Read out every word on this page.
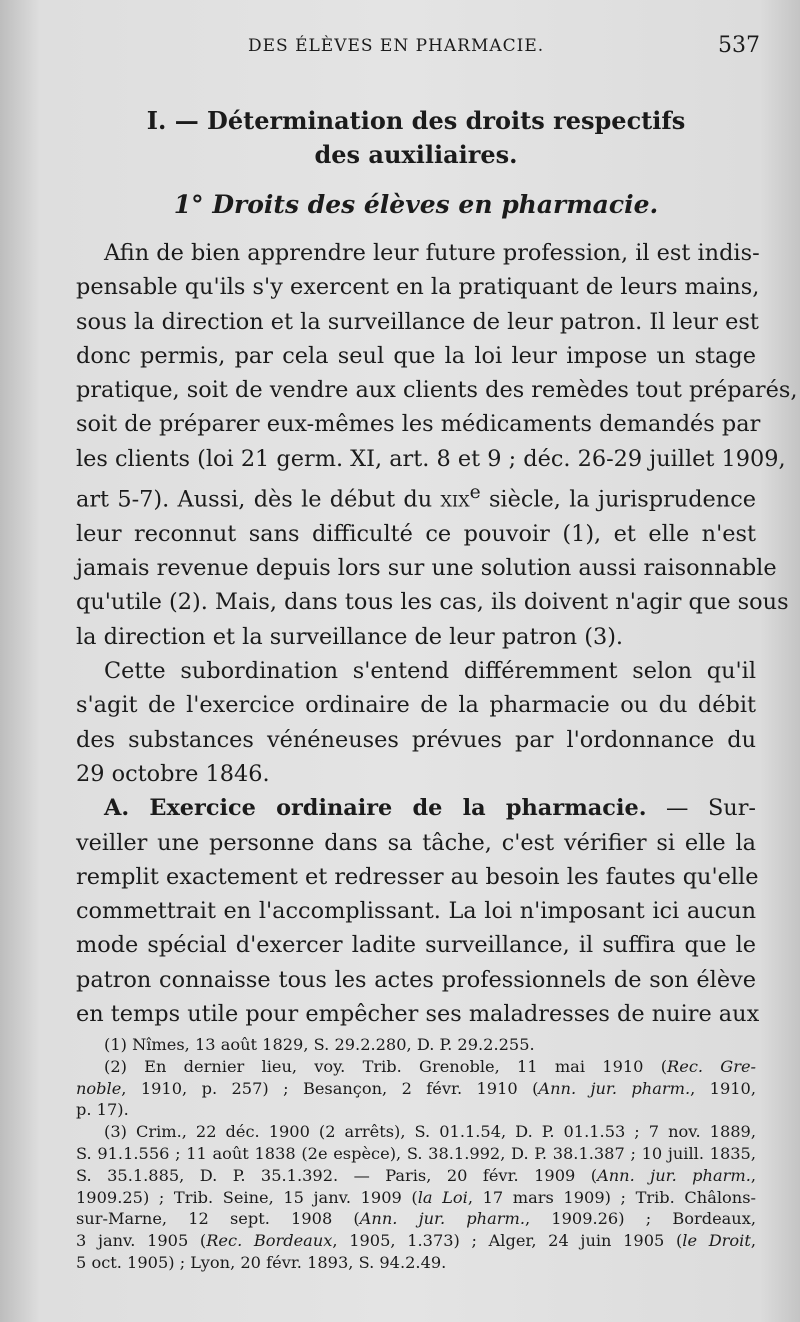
DES ÉLÈVES EN PHARMACIE.	537
I. — Détermination des droits respectifs
des auxiliaires.
1° Droits des élèves en pharmacie.
Afin de bien apprendre leur future profession, il est indis-
pensable qu'ils s'y exercent en la pratiquant de leurs mains,
sous la direction et la surveillance de leur patron. Il leur est
donc permis, par cela seul que la loi leur impose un stage
pratique, soit de vendre aux clients des remèdes tout préparés,
soit de préparer eux-mêmes les médicaments demandés par
les clients (loi 21 germ. XI, art. 8 et 9 ; déc. 26-29 juillet 1909,
art 5-7). Aussi, dès le début du xix$^e$ siècle, la jurisprudence
leur reconnut sans difficulté ce pouvoir (1), et elle n'est
jamais revenue depuis lors sur une solution aussi raisonnable
qu'utile (2). Mais, dans tous les cas, ils doivent n'agir que sous
la direction et la surveillance de leur patron (3).
Cette subordination s'entend différemment selon qu'il
s'agit de l'exercice ordinaire de la pharmacie ou du débit
des substances vénéneuses prévues par l'ordonnance du
29 octobre 1846.
A. Exercice ordinaire de la pharmacie. — Sur-
veiller une personne dans sa tâche, c'est vérifier si elle la
remplit exactement et redresser au besoin les fautes qu'elle
commettrait en l'accomplissant. La loi n'imposant ici aucun
mode spécial d'exercer ladite surveillance, il suffira que le
patron connaisse tous les actes professionnels de son élève
en temps utile pour empêcher ses maladresses de nuire aux
(1) Nîmes, 13 août 1829, S. 29.2.280, D. P. 29.2.255.
(2) En dernier lieu, voy. Trib. Grenoble, 11 mai 1910 (Rec. Gre-
noble, 1910, p. 257) ; Besançon, 2 févr. 1910 (Ann. jur. pharm., 1910,
p. 17).
(3) Crim., 22 déc. 1900 (2 arrêts), S. 01.1.54, D. P. 01.1.53 ; 7 nov. 1889,
S. 91.1.556 ; 11 août 1838 (2e espèce), S. 38.1.992, D. P. 38.1.387 ; 10 juill. 1835,
S. 35.1.885, D. P. 35.1.392. — Paris, 20 févr. 1909 (Ann. jur. pharm.,
1909.25) ; Trib. Seine, 15 janv. 1909 (la Loi, 17 mars 1909) ; Trib. Châlons-
sur-Marne, 12 sept. 1908 (Ann. jur. pharm., 1909.26) ; Bordeaux,
3 janv. 1905 (Rec. Bordeaux, 1905, 1.373) ; Alger, 24 juin 1905 (le Droit,
5 oct. 1905) ; Lyon, 20 févr. 1893, S. 94.2.49.
